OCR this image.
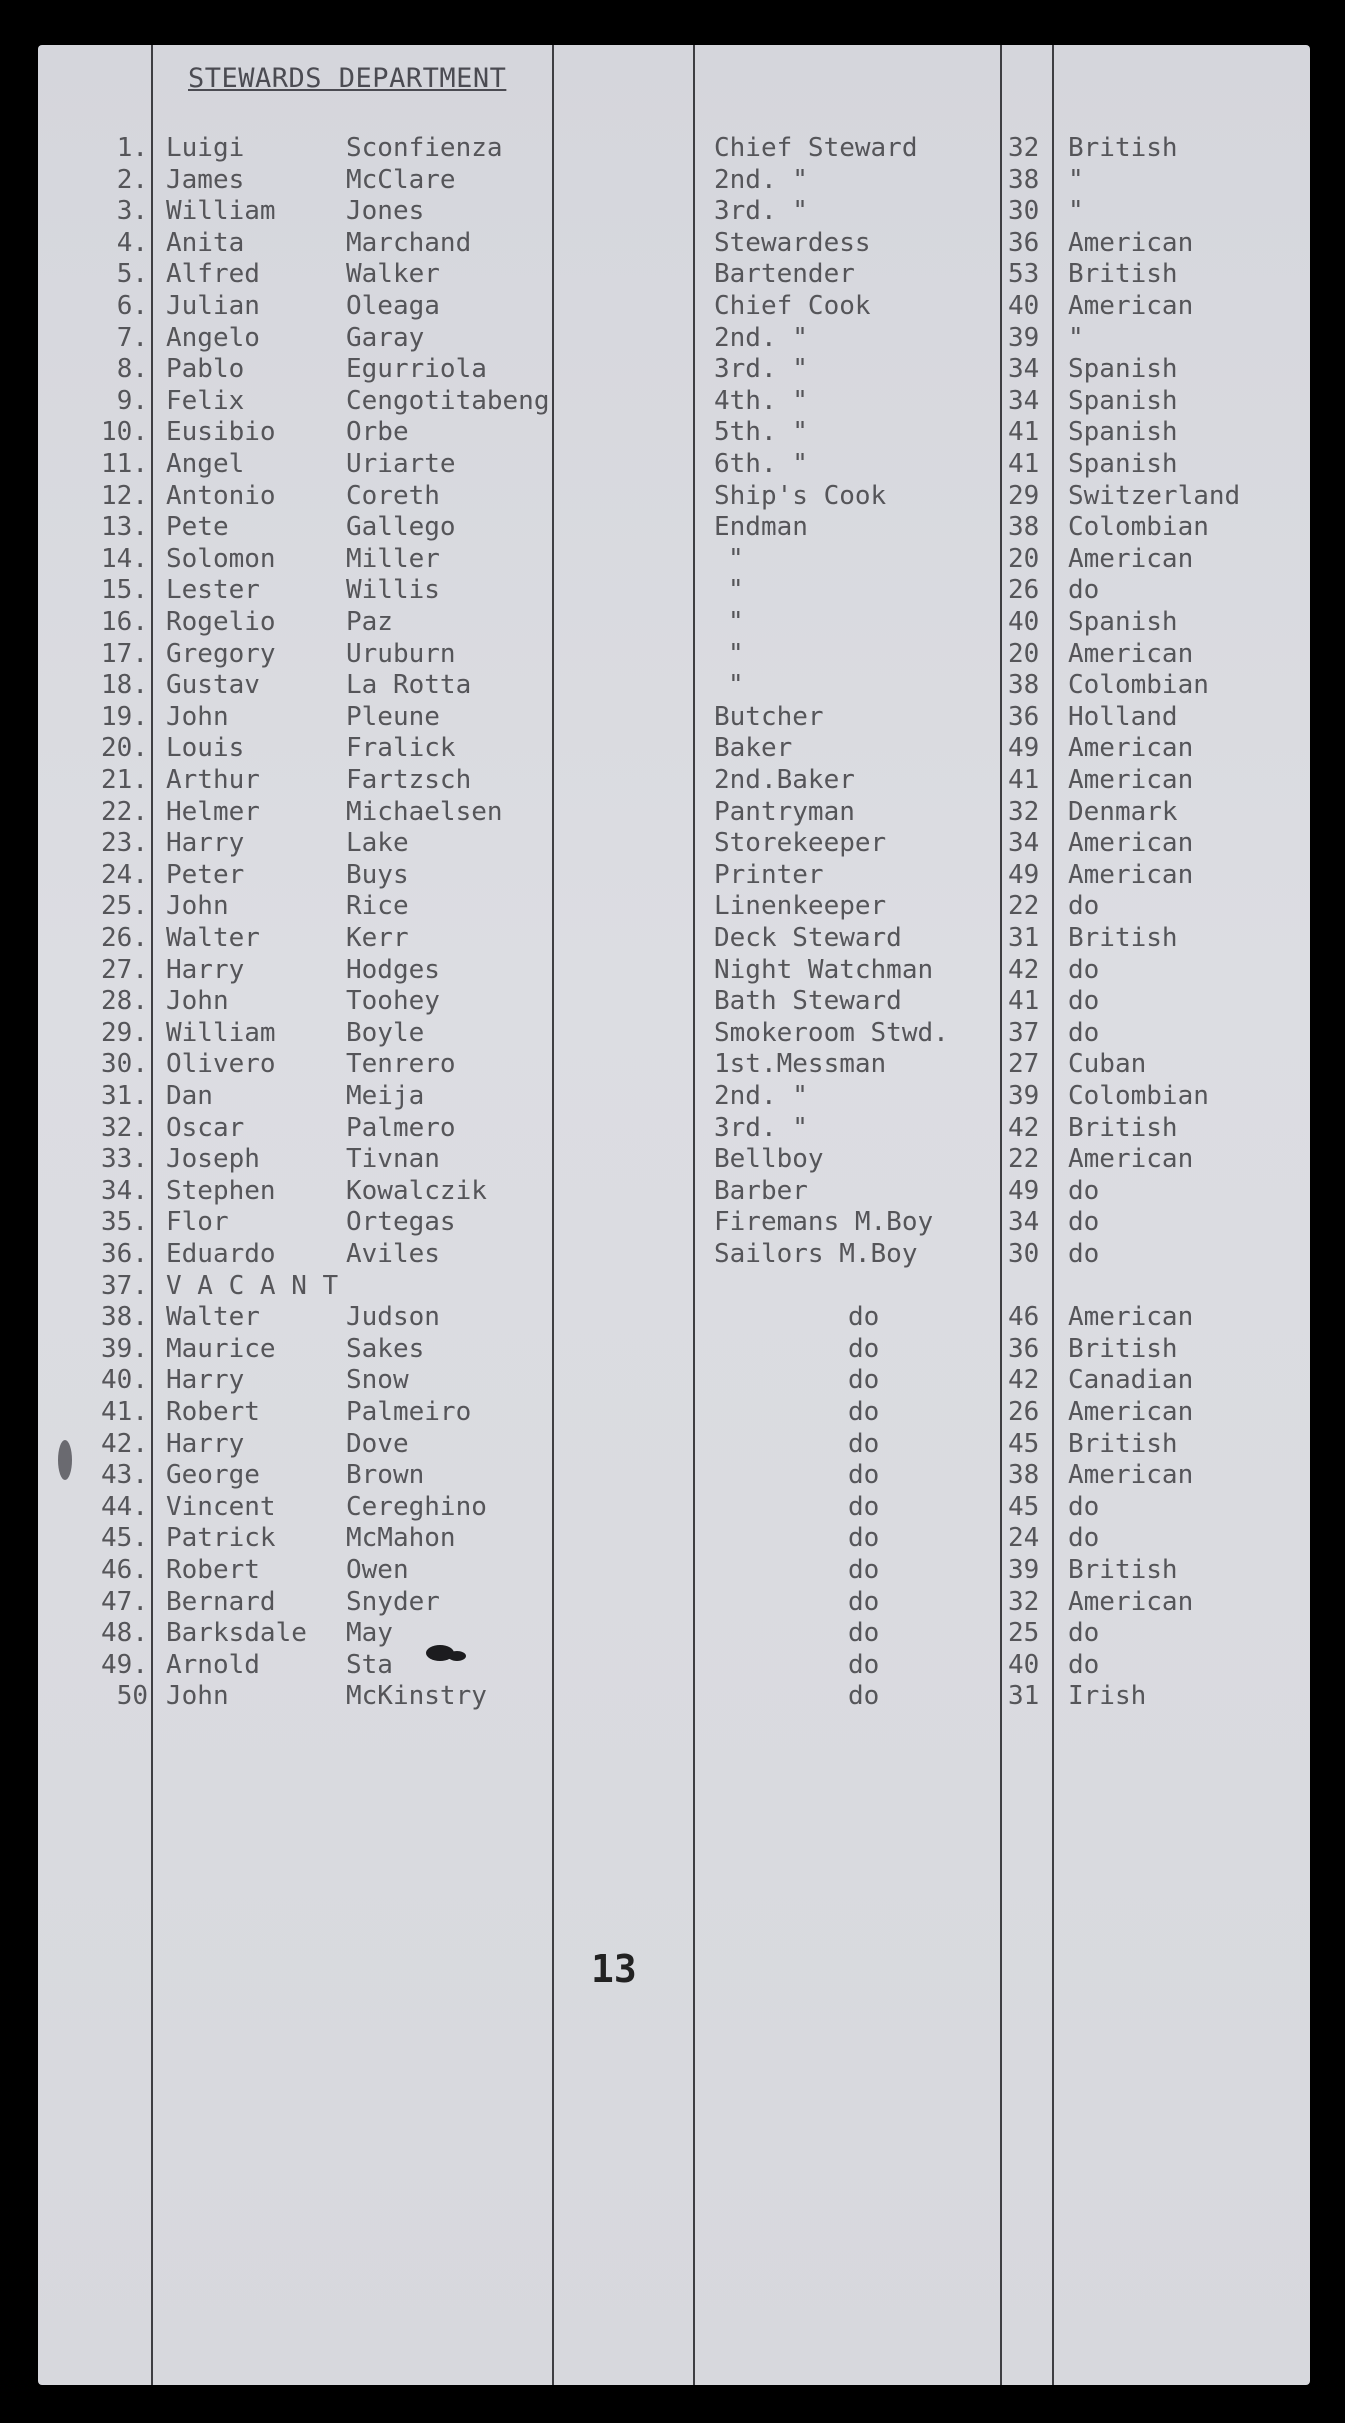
STEWARDS DEPARTMENT
1. Luigi	Sconfienza	Chief Steward	32	British
2. James	McClare	2nd. "	38	"
3. William	Jones	3rd. "	30	"
4. Anita	Marchand	Stewardess	36	American
5. Alfred	Walker	Bartender	53	British
6. Julian	Oleaga	Chief Cook	40	American
7. Angelo	Garay	2nd. "	39	"
8. Pablo	Egurriola	3rd. "	34	Spanish
9. Felix	Cengotitabeng	4th. "	34	Spanish
10. Eusibio	Orbe	5th. "	41	Spanish
11. Angel	Uriarte	6th. "	41	Spanish
12. Antonio	Coreth	Ship's Cook	29	Switzerland
13. Pete	Gallego	Endman	38	Colombian
14. Solomon	Miller	"	20	American
15. Lester	Willis	"	26	do
16. Rogelio	Paz	"	40	Spanish
17. Gregory	Uruburn	"	20	American
18. Gustav	La Rotta	"	38	Colombian
19. John	Pleune	Butcher	36	Holland
20. Louis	Fralick	Baker	49	American
21. Arthur	Fartzsch	2nd.Baker	41	American
22. Helmer	Michaelsen	Pantryman	32	Denmark
23. Harry	Lake	Storekeeper	34	American
24. Peter	Buys	Printer	49	American
25. John	Rice	Linenkeeper	22	do
26. Walter	Kerr	Deck Steward	31	British
27. Harry	Hodges	Night Watchman	42	do
28. John	Toohey	Bath Steward	41	do
29. William	Boyle	Smokeroom Stwd.	37	do
30. Olivero	Tenrero	1st.Messman	27	Cuban
31. Dan	Meija	2nd. "	39	Colombian
32. Oscar	Palmero	3rd. "	42	British
33. Joseph	Tivnan	Bellboy	22	American
34. Stephen	Kowalczik	Barber	49	do
35. Flor	Ortegas	Firemans M.Boy	34	do
36. Eduardo	Aviles	Sailors M.Boy	30	do
37. V A C A N T
38. Walter	Judson	do	46	American
39. Maurice	Sakes	do	36	British
40. Harry	Snow	do	42	Canadian
41. Robert	Palmeiro	do	26	American
42. Harry	Dove	do	45	British
43. George	Brown	do	38	American
44. Vincent	Cereghino	do	45	do
45. Patrick	McMahon	do	24	do
46. Robert	Owen	do	39	British
47. Bernard	Snyder	do	32	American
48. Barksdale May	do	25	do
49. Arnold	Sta	do	40	do
50 John	McKinstry	do	31	Irish
13
